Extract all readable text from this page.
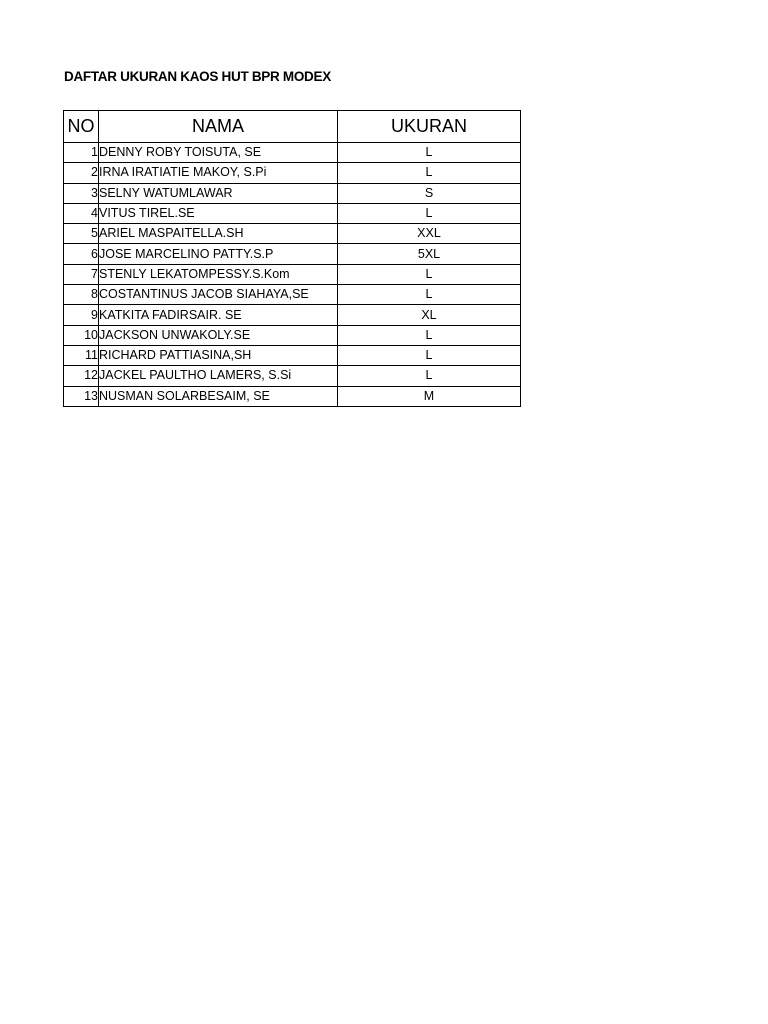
DAFTAR UKURAN KAOS HUT BPR MODEX
NO	NAMA	UKURAN
1	DENNY ROBY TOISUTA, SE	L
2	IRNA IRATIATIE MAKOY, S.Pi	L
3	SELNY WATUMLAWAR	S
4	VITUS TIREL.SE	L
5	ARIEL MASPAITELLA.SH	XXL
6	JOSE MARCELINO PATTY.S.P	5XL
7	STENLY LEKATOMPESSY.S.Kom	L
8	COSTANTINUS JACOB SIAHAYA,SE	L
9	KATKITA FADIRSAIR. SE	XL
10	JACKSON UNWAKOLY.SE	L
11	RICHARD PATTIASINA,SH	L
12	JACKEL PAULTHO LAMERS, S.Si	L
13	NUSMAN SOLARBESAIM, SE	M
